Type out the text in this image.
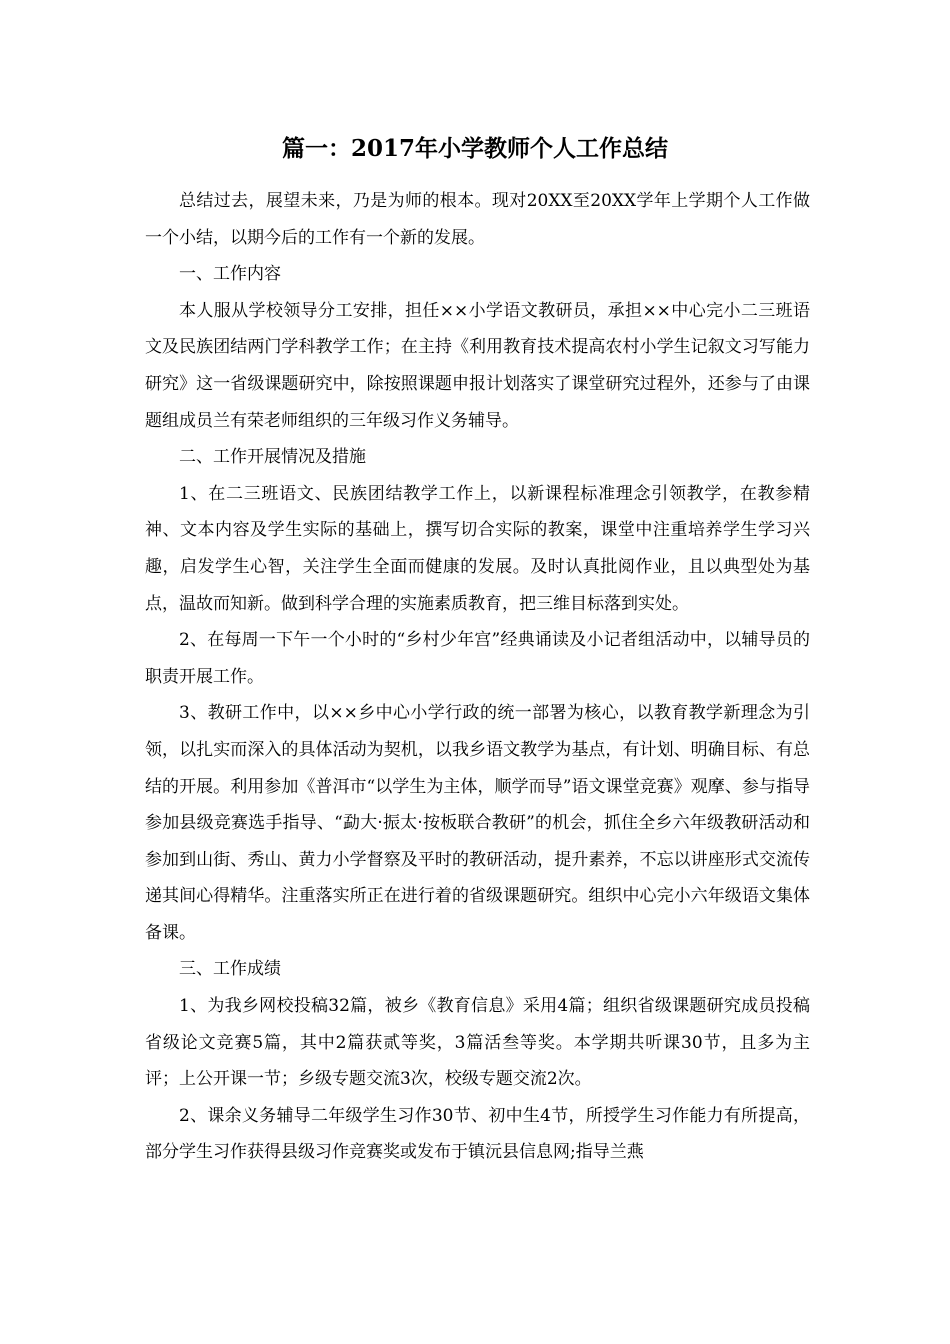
篇一：2017年小学教师个人工作总结

总结过去，展望未来，乃是为师的根本。现对20XX至20XX学年上学期个人工作做一个小结，以期今后的工作有一个新的发展。

一、工作内容

本人服从学校领导分工安排，担任××小学语文教研员，承担××中心完小二三班语文及民族团结两门学科教学工作；在主持《利用教育技术提高农村小学生记叙文习写能力研究》这一省级课题研究中，除按照课题申报计划落实了课堂研究过程外，还参与了由课题组成员兰有荣老师组织的三年级习作义务辅导。

二、工作开展情况及措施

1、在二三班语文、民族团结教学工作上，以新课程标准理念引领教学，在教参精神、文本内容及学生实际的基础上，撰写切合实际的教案，课堂中注重培养学生学习兴趣，启发学生心智，关注学生全面而健康的发展。及时认真批阅作业，且以典型处为基点，温故而知新。做到科学合理的实施素质教育，把三维目标落到实处。

2、在每周一下午一个小时的“乡村少年宫”经典诵读及小记者组活动中，以辅导员的职责开展工作。

3、教研工作中，以××乡中心小学行政的统一部署为核心，以教育教学新理念为引领，以扎实而深入的具体活动为契机，以我乡语文教学为基点，有计划、明确目标、有总结的开展。利用参加《普洱市“以学生为主体，顺学而导”语文课堂竞赛》观摩、参与指导参加县级竞赛选手指导、“勐大·振太·按板联合教研”的机会，抓住全乡六年级教研活动和参加到山街、秀山、黄力小学督察及平时的教研活动，提升素养，不忘以讲座形式交流传递其间心得精华。注重落实所正在进行着的省级课题研究。组织中心完小六年级语文集体备课。

三、工作成绩

1、为我乡网校投稿32篇，被乡《教育信息》采用4篇；组织省级课题研究成员投稿省级论文竞赛5篇，其中2篇获贰等奖，3篇活叁等奖。本学期共听课30节，且多为主评；上公开课一节；乡级专题交流3次，校级专题交流2次。

2、课余义务辅导二年级学生习作30节、初中生4节，所授学生习作能力有所提高，部分学生习作获得县级习作竞赛奖或发布于镇沅县信息网;指导兰燕
